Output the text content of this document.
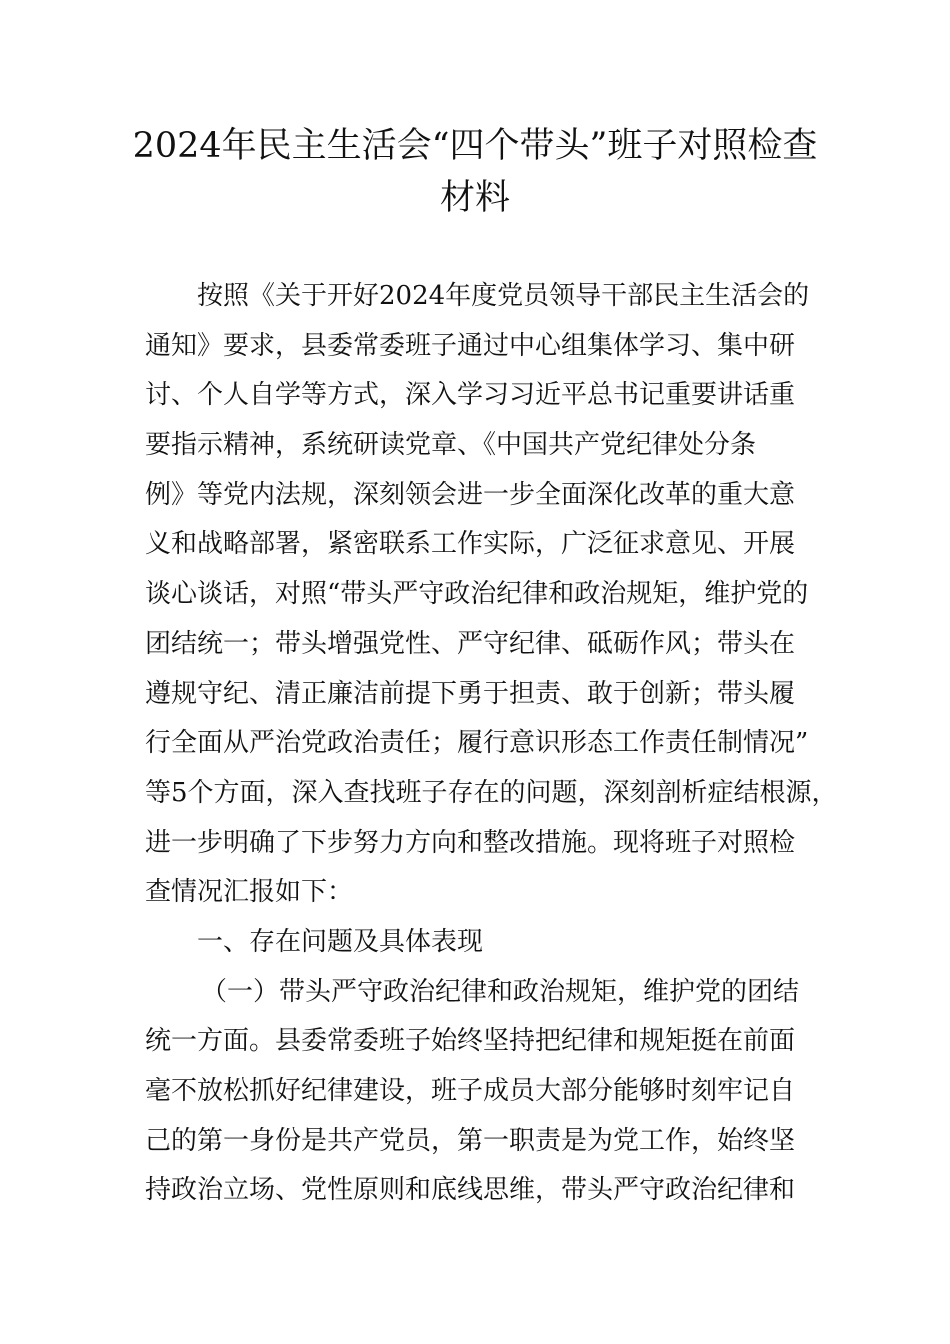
2024年民主生活会“四个带头”班子对照检查
材料
按照《关于开好2024年度党员领导干部民主生活会的
通知》要求，县委常委班子通过中心组集体学习、集中研
讨、个人自学等方式，深入学习习近平总书记重要讲话重
要指示精神，系统研读党章、《中国共产党纪律处分条
例》等党内法规，深刻领会进一步全面深化改革的重大意
义和战略部署，紧密联系工作实际，广泛征求意见、开展
谈心谈话，对照“带头严守政治纪律和政治规矩，维护党的
团结统一；带头增强党性、严守纪律、砥砺作风；带头在
遵规守纪、清正廉洁前提下勇于担责、敢于创新；带头履
行全面从严治党政治责任；履行意识形态工作责任制情况”
等5个方面，深入查找班子存在的问题，深刻剖析症结根源，
进一步明确了下步努力方向和整改措施。现将班子对照检
查情况汇报如下：
一、存在问题及具体表现
（一）带头严守政治纪律和政治规矩，维护党的团结
统一方面。县委常委班子始终坚持把纪律和规矩挺在前面
毫不放松抓好纪律建设，班子成员大部分能够时刻牢记自
己的第一身份是共产党员，第一职责是为党工作，始终坚
持政治立场、党性原则和底线思维，带头严守政治纪律和
